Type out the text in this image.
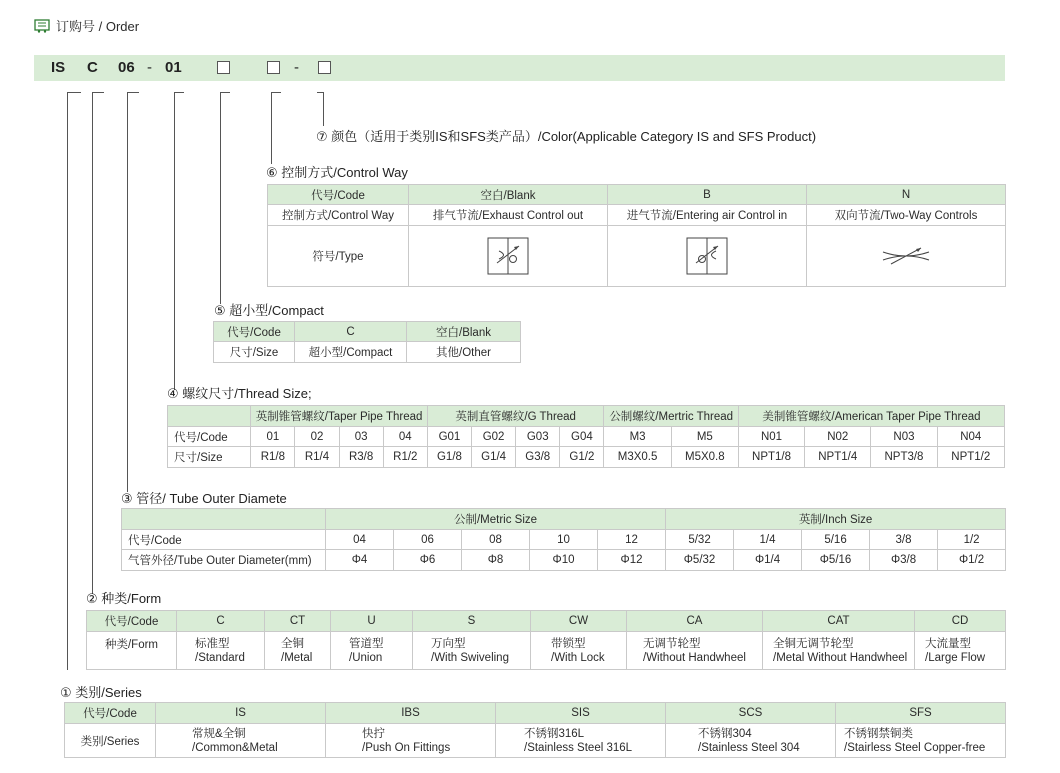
订购号 / Order
IS C 06 - 01	-
⑦ 颜色（适用于类别IS和SFS类产品）/Color(Applicable Category IS and SFS Product)
⑥ 控制方式/Control Way
代号/Code	空白/Blank	B	N
控制方式/Control Way	排气节流/Exhaust Control out	进气节流/Entering air Control in	双向节流/Two-Way Controls
符号/Type			
⑤ 超小型/Compact
代号/Code	C	空白/Blank
尺寸/Size	超小型/Compact	其他/Other
④ 螺纹尺寸/Thread Size;
	英制锥管螺纹/Taper Pipe Thread				英制直管螺纹/G Thread				公制螺纹/Mertric Thread		美制锥管螺纹/American Taper Pipe Thread			
代号/Code	01	02	03	04	G01	G02	G03	G04	M3	M5	N01	N02	N03	N04
尺寸/Size	R1/8	R1/4	R3/8	R1/2	G1/8	G1/4	G3/8	G1/2	M3X0.5	M5X0.8	NPT1/8	NPT1/4	NPT3/8	NPT1/2
③ 管径/ Tube Outer Diamete
	公制/Metric Size					英制/Inch Size				
代号/Code	04	06	08	10	12	5/32	1/4	5/16	3/8	1/2
气管外径/Tube Outer Diameter(mm)	Φ4	Φ6	Φ8	Φ10	Φ12	Φ5/32	Φ1/4	Φ5/16	Φ3/8	Φ1/2
② 种类/Form
代号/Code	C	CT	U	S	CW	CA	CAT	CD
种类/Form	标准型
/Standard	全铜
/Metal	管道型
/Union	万向型
/With Swiveling	带锁型
/With Lock	无调节轮型
/Without Handwheel	全铜无调节轮型
/Metal Without Handwheel	大流量型
/Large Flow
① 类别/Series
代号/Code	IS	IBS	SIS	SCS	SFS
类别/Series	常规&全铜
/Common&Metal	快拧
/Push On Fittings	不锈钢316L
/Stainless Steel 316L	不锈钢304
/Stainless Steel 304	不锈钢禁铜类
/Stairless Steel Copper-free
